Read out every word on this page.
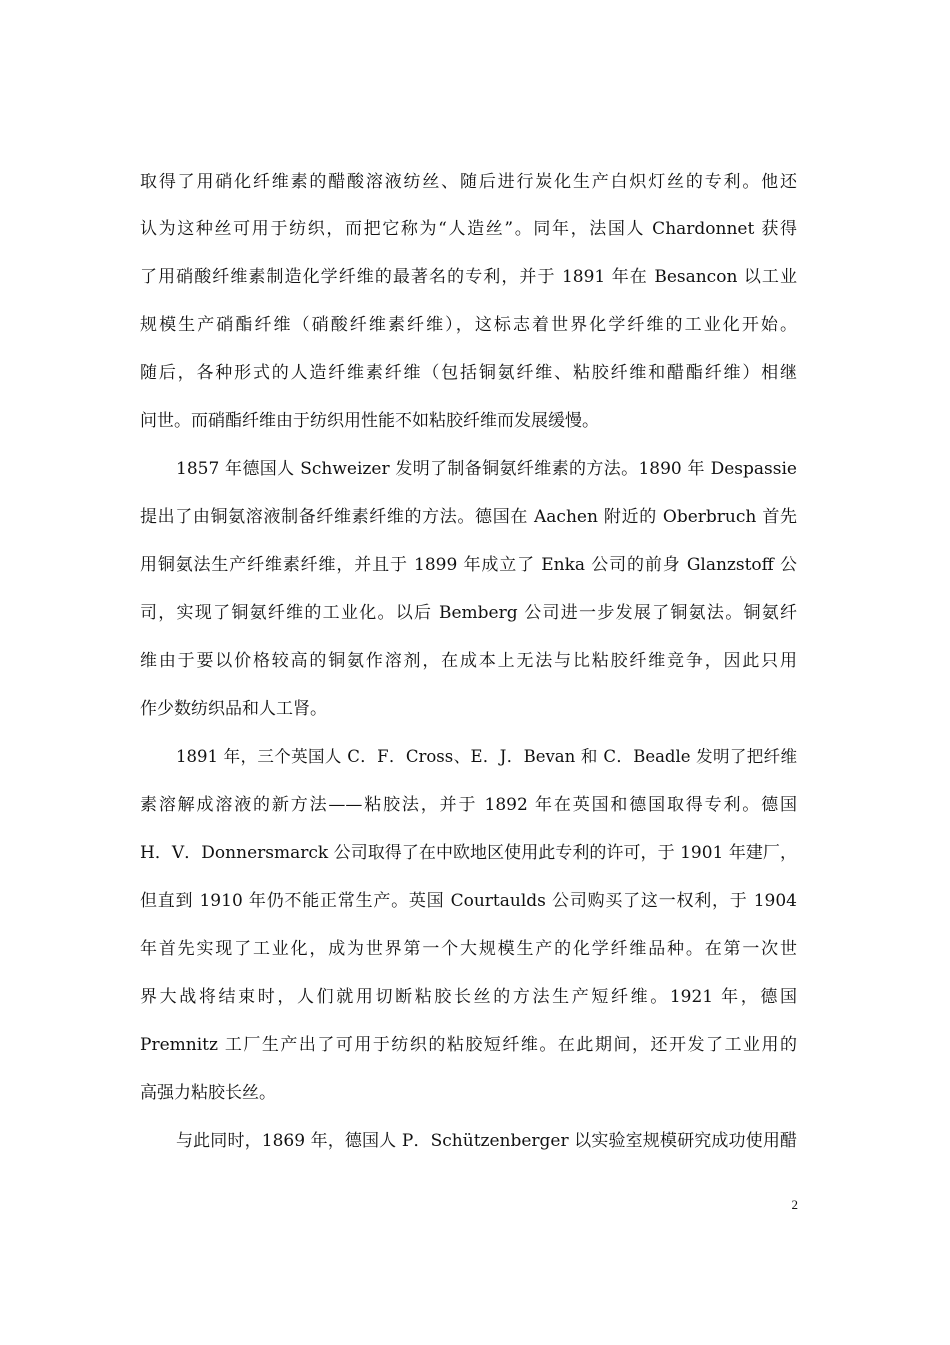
取得了用硝化纤维素的醋酸溶液纺丝、随后进行炭化生产白炽灯丝的专利。他还
认为这种丝可用于纺织，而把它称为“人造丝”。同年，法国人 Chardonnet 获得
了用硝酸纤维素制造化学纤维的最著名的专利，并于 1891 年在 Besancon 以工业
规模生产硝酯纤维（硝酸纤维素纤维），这标志着世界化学纤维的工业化开始。
随后，各种形式的人造纤维素纤维（包括铜氨纤维、粘胶纤维和醋酯纤维）相继
问世。而硝酯纤维由于纺织用性能不如粘胶纤维而发展缓慢。
1857 年德国人 Schweizer 发明了制备铜氨纤维素的方法。1890 年 Despassie
提出了由铜氨溶液制备纤维素纤维的方法。德国在 Aachen 附近的 Oberbruch 首先
用铜氨法生产纤维素纤维，并且于 1899 年成立了 Enka 公司的前身 Glanzstoff 公
司，实现了铜氨纤维的工业化。以后 Bemberg 公司进一步发展了铜氨法。铜氨纤
维由于要以价格较高的铜氨作溶剂，在成本上无法与比粘胶纤维竞争，因此只用
作少数纺织品和人工肾。
1891 年，三个英国人 C．F．Cross、E．J．Bevan 和 C．Beadle 发明了把纤维
素溶解成溶液的新方法——粘胶法，并于 1892 年在英国和德国取得专利。德国
H．V．Donnersmarck 公司取得了在中欧地区使用此专利的许可，于 1901 年建厂，
但直到 1910 年仍不能正常生产。英国 Courtaulds 公司购买了这一权利，于 1904
年首先实现了工业化，成为世界第一个大规模生产的化学纤维品种。在第一次世
界大战将结束时，人们就用切断粘胶长丝的方法生产短纤维。1921 年，德国
Premnitz 工厂生产出了可用于纺织的粘胶短纤维。在此期间，还开发了工业用的
高强力粘胶长丝。
与此同时，1869 年，德国人 P．Schützenberger 以实验室规模研究成功使用醋
2
